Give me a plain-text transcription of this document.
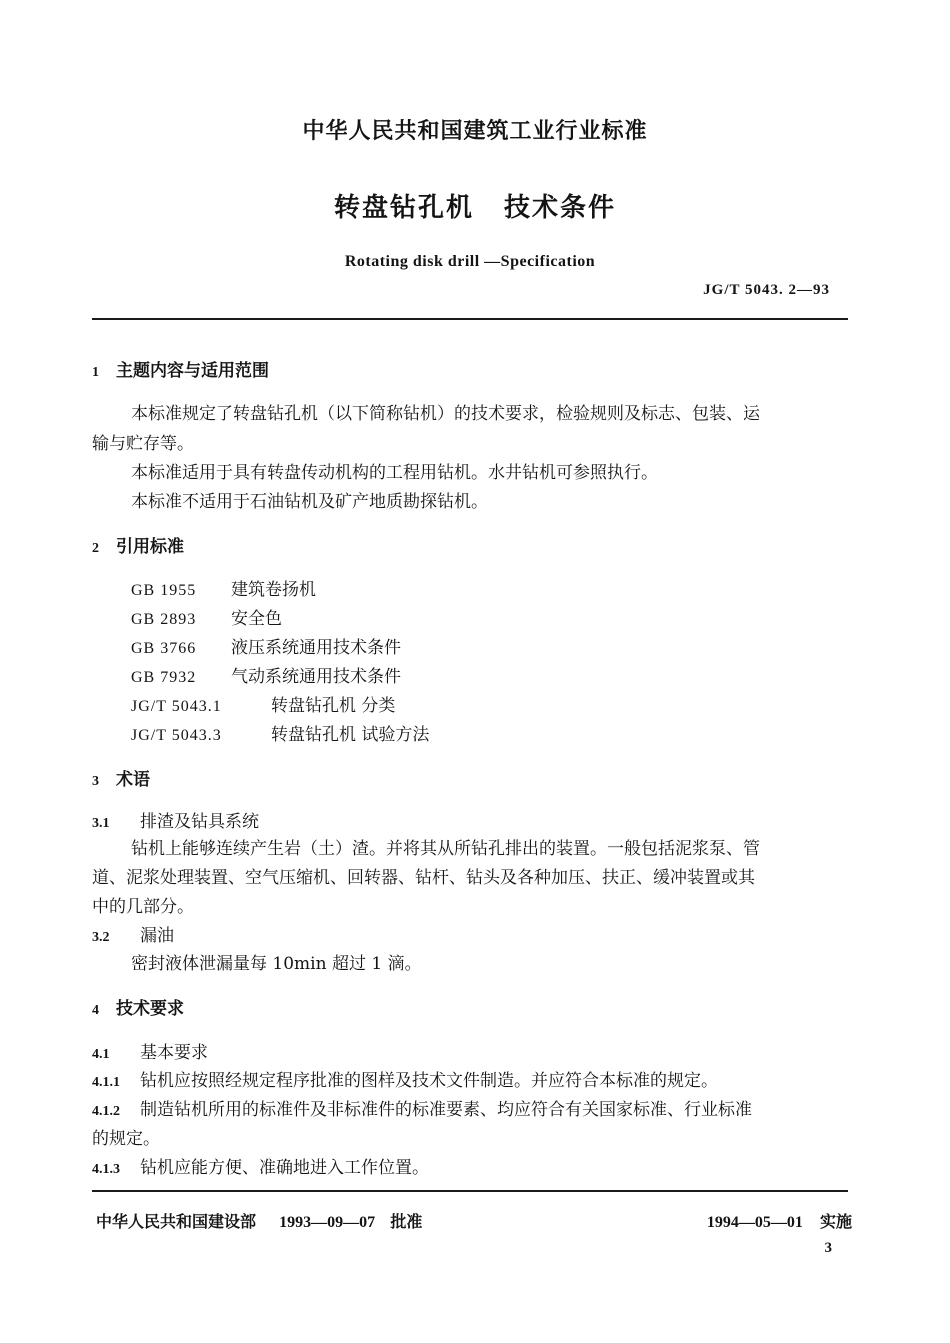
中华人民共和国建筑工业行业标准
转盘钻孔机 技术条件
Rotating disk drill —Specification
JG/T 5043. 2—93
1 主题内容与适用范围
本标准规定了转盘钻孔机（以下简称钻机）的技术要求，检验规则及标志、包装、运
输与贮存等。
本标准适用于具有转盘传动机构的工程用钻机。水井钻机可参照执行。
本标准不适用于石油钻机及矿产地质勘探钻机。
2 引用标准
GB 1955 建筑卷扬机
GB 2893 安全色
GB 3766 液压系统通用技术条件
GB 7932 气动系统通用技术条件
JG/T 5043.1	转盘钻孔机 分类
JG/T 5043.3	转盘钻孔机 试验方法
3 术语
3.1 排渣及钻具系统
钻机上能够连续产生岩（土）渣。并将其从所钻孔排出的装置。一般包括泥浆泵、管
道、泥浆处理装置、空气压缩机、回转器、钻杆、钻头及各种加压、扶正、缓冲装置或其
中的几部分。
3.2 漏油
密封液体泄漏量每 10min 超过 1 滴。
4 技术要求
4.1 基本要求
4.1.1 钻机应按照经规定程序批准的图样及技术文件制造。并应符合本标准的规定。
4.1.2 制造钻机所用的标准件及非标准件的标准要素、均应符合有关国家标准、行业标准
的规定。
4.1.3 钻机应能方便、准确地进入工作位置。
中华人民共和国建设部 1993—09—07 批准	1994—05—01 实施
3
